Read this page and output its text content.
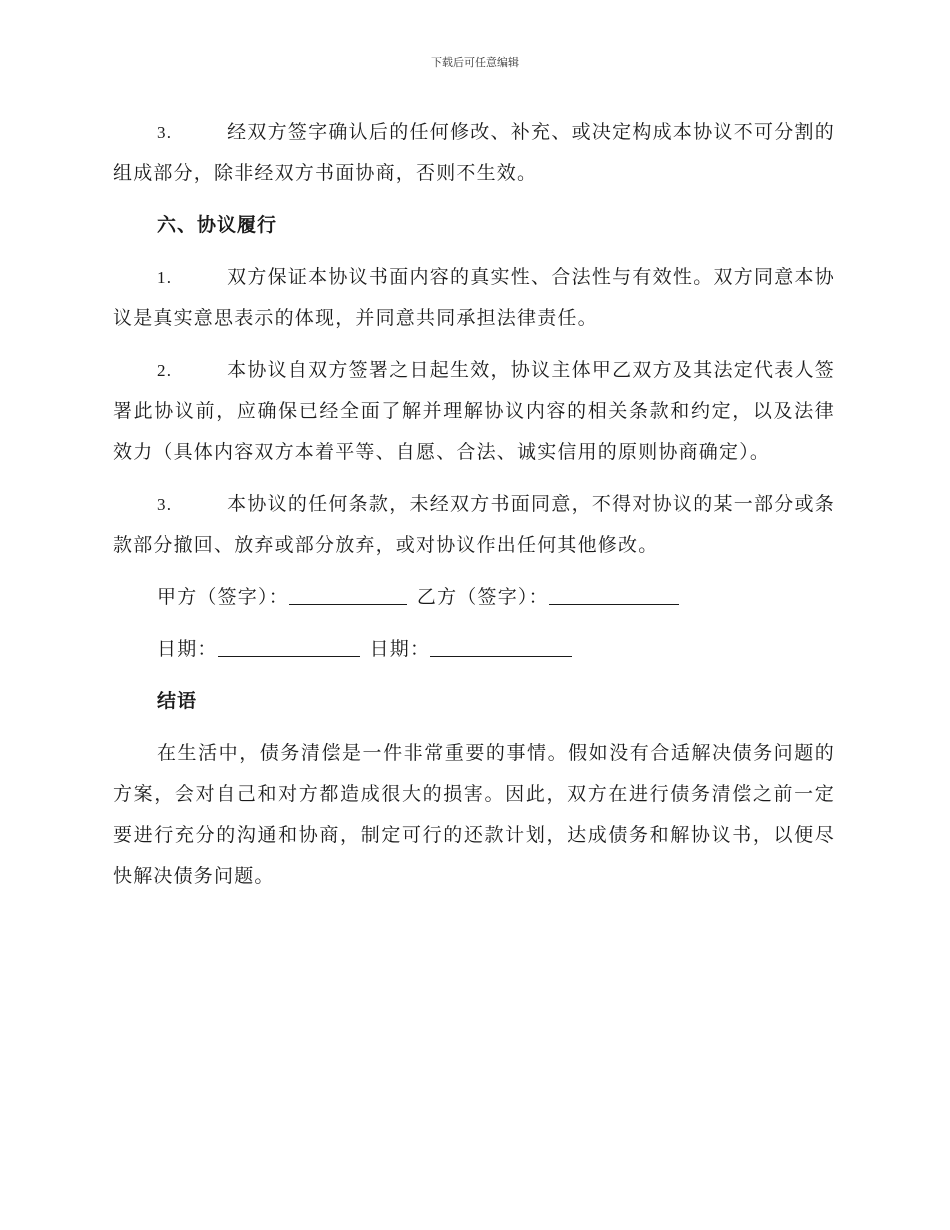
下载后可任意编辑

3.	经双方签字确认后的任何修改、补充、或决定构成本协议不可分割的组成部分，除非经双方书面协商，否则不生效。

六、协议履行

1.	双方保证本协议书面内容的真实性、合法性与有效性。双方同意本协议是真实意思表示的体现，并同意共同承担法律责任。

2.	本协议自双方签署之日起生效，协议主体甲乙双方及其法定代表人签署此协议前，应确保已经全面了解并理解协议内容的相关条款和约定，以及法律效力（具体内容双方本着平等、自愿、合法、诚实信用的原则协商确定）。

3.	本协议的任何条款，未经双方书面同意，不得对协议的某一部分或条款部分撤回、放弃或部分放弃，或对协议作出任何其他修改。

甲方（签字）：	乙方（签字）：

日期：	日期：

结语

在生活中，债务清偿是一件非常重要的事情。假如没有合适解决债务问题的方案，会对自己和对方都造成很大的损害。因此，双方在进行债务清偿之前一定要进行充分的沟通和协商，制定可行的还款计划，达成债务和解协议书，以便尽快解决债务问题。
